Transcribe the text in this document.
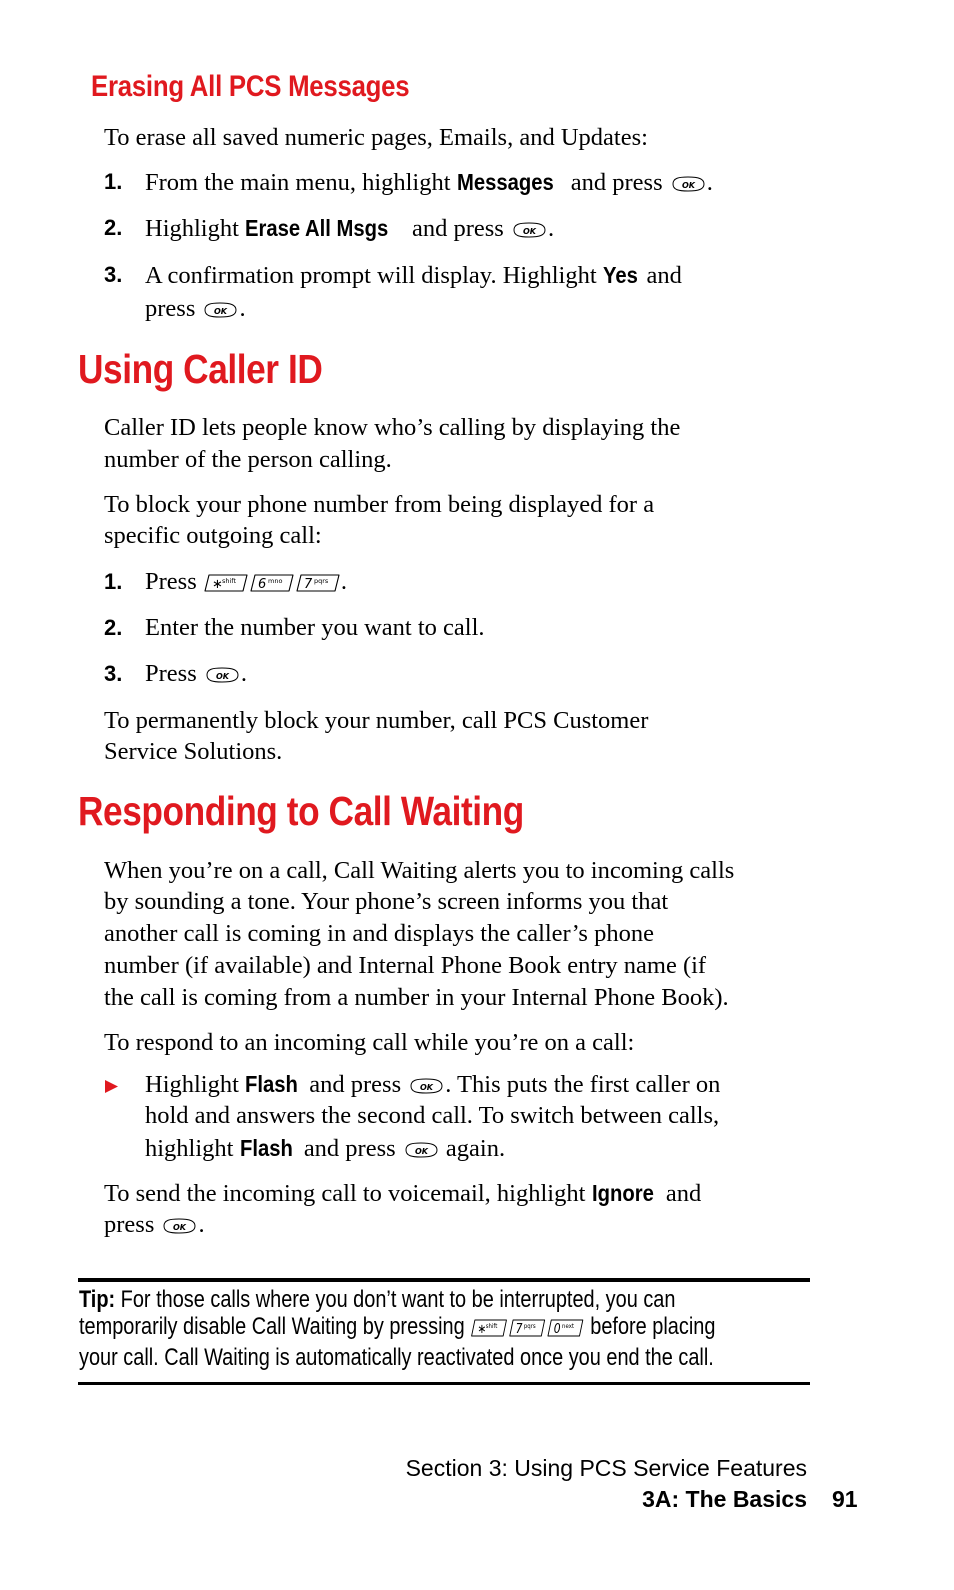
Erasing All PCS Messages
To erase all saved numeric pages, Emails, and Updates:
1. From the main menu, highlight Messages and press OK .
2. Highlight Erase All Msgs and press OK .
3. A confirmation prompt will display. Highlight Yes and
press OK .
Using Caller ID
Caller ID lets people know who’s calling by displaying the
number of the person calling.
To block your phone number from being displayed for a
specific outgoing call:
1. Press ∗ shift 6 mno 7 pqrs .
2. Enter the number you want to call.
3. Press OK .
To permanently block your number, call PCS Customer
Service Solutions.
Responding to Call Waiting
When you’re on a call, Call Waiting alerts you to incoming calls
by sounding a tone. Your phone’s screen informs you that
another call is coming in and displays the caller’s phone
number (if available) and Internal Phone Book entry name (if
the call is coming from a number in your Internal Phone Book).
To respond to an incoming call while you’re on a call:
Highlight Flash and press OK . This puts the first caller on
hold and answers the second call. To switch between calls,
highlight Flash and press OK again.
To send the incoming call to voicemail, highlight Ignore and
press OK .
Tip: For those calls where you don’t want to be interrupted, you can
temporarily disable Call Waiting by pressing ∗ shift 7 pqrs 0 next before placing
your call. Call Waiting is automatically reactivated once you end the call.
Section 3: Using PCS Service Features
3A: The Basics 91
